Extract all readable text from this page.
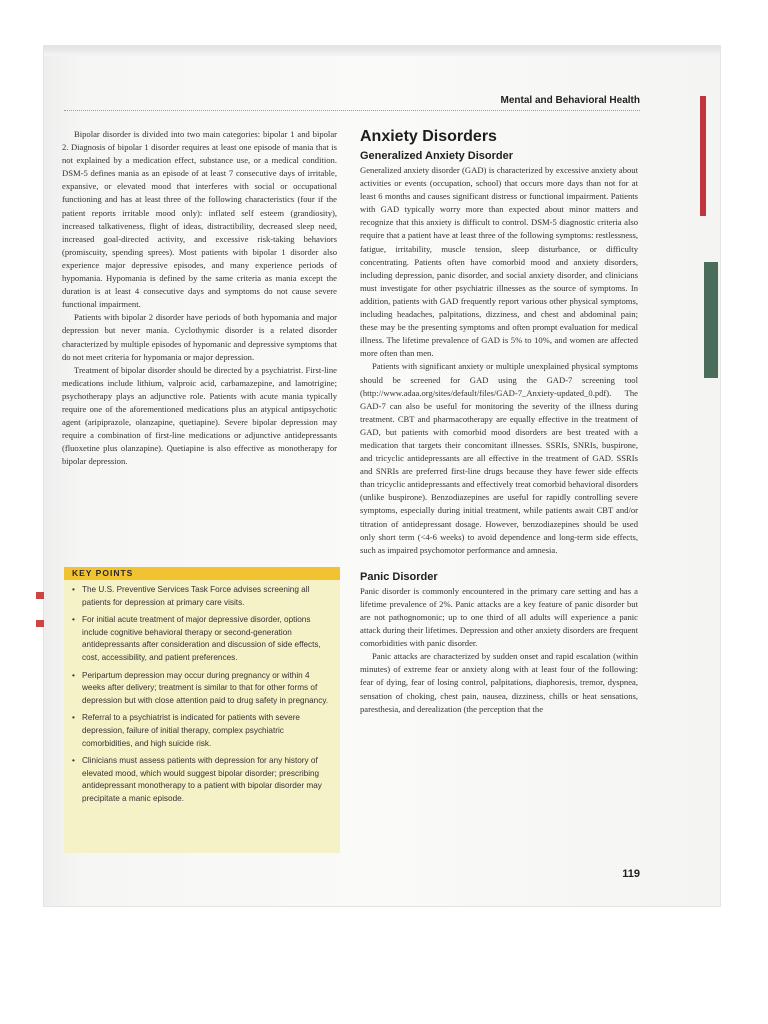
Mental and Behavioral Health

Bipolar disorder is divided into two main categories: bipolar 1 and bipolar 2. Diagnosis of bipolar 1 disorder requires at least one episode of mania that is not explained by a medication effect, substance use, or a medical condition. DSM-5 defines mania as an episode of at least 7 consecutive days of irritable, expansive, or elevated mood that interferes with social or occupational functioning and has at least three of the following characteristics (four if the patient reports irritable mood only): inflated self esteem (grandiosity), increased talkativeness, flight of ideas, distractibility, decreased sleep need, increased goal-directed activity, and excessive risk-taking behaviors (promiscuity, spending sprees). Most patients with bipolar 1 disorder also experience major depressive episodes, and many experience periods of hypomania. Hypomania is defined by the same criteria as mania except the duration is at least 4 consecutive days and symptoms do not cause severe functional impairment.

Patients with bipolar 2 disorder have periods of both hypomania and major depression but never mania. Cyclothymic disorder is a related disorder characterized by multiple episodes of hypomanic and depressive symptoms that do not meet criteria for hypomania or major depression.

Treatment of bipolar disorder should be directed by a psychiatrist. First-line medications include lithium, valproic acid, carbamazepine, and lamotrigine; psychotherapy plays an adjunctive role. Patients with acute mania typically require one of the aforementioned medications plus an atypical antipsychotic agent (aripiprazole, olanzapine, quetiapine). Severe bipolar depression may require a combination of first-line medications or adjunctive antidepressants (fluoxetine plus olanzapine). Quetiapine is also effective as monotherapy for bipolar depression.

KEY POINTS
• The U.S. Preventive Services Task Force advises screening all patients for depression at primary care visits.
• For initial acute treatment of major depressive disorder, options include cognitive behavioral therapy or second-generation antidepressants after consideration and discussion of side effects, cost, accessibility, and patient preferences.
• Peripartum depression may occur during pregnancy or within 4 weeks after delivery; treatment is similar to that for other forms of depression but with close attention paid to drug safety in pregnancy.
• Referral to a psychiatrist is indicated for patients with severe depression, failure of initial therapy, complex psychiatric comorbidities, and high suicide risk.
• Clinicians must assess patients with depression for any history of elevated mood, which would suggest bipolar disorder; prescribing antidepressant monotherapy to a patient with bipolar disorder may precipitate a manic episode.
Anxiety Disorders
Generalized Anxiety Disorder

Generalized anxiety disorder (GAD) is characterized by excessive anxiety about activities or events (occupation, school) that occurs more days than not for at least 6 months and causes significant distress or functional impairment. Patients with GAD typically worry more than expected about minor matters and recognize that this anxiety is difficult to control. DSM-5 diagnostic criteria also require that a patient have at least three of the following symptoms: restlessness, fatigue, irritability, muscle tension, sleep disturbance, or difficulty concentrating. Patients often have comorbid mood and anxiety disorders, including depression, panic disorder, and social anxiety disorder, and clinicians must investigate for other psychiatric illnesses as the source of symptoms. In addition, patients with GAD frequently report various other physical symptoms, including headaches, palpitations, dizziness, and chest and abdominal pain; these may be the presenting symptoms and often prompt evaluation for medical illness. The lifetime prevalence of GAD is 5% to 10%, and women are affected more often than men.

Patients with significant anxiety or multiple unexplained physical symptoms should be screened for GAD using the GAD-7 screening tool (http://www.adaa.org/sites/default/files/GAD-7_Anxiety-updated_0.pdf). The GAD-7 can also be useful for monitoring the severity of the illness during treatment. CBT and pharmacotherapy are equally effective in the treatment of GAD, but patients with comorbid mood disorders are best treated with a medication that targets their concomitant illnesses. SSRIs, SNRIs, buspirone, and tricyclic antidepressants are all effective in the treatment of GAD. SSRIs and SNRIs are preferred first-line drugs because they have fewer side effects than tricyclic antidepressants and effectively treat comorbid behavioral disorders (unlike buspirone). Benzodiazepines are useful for rapidly controlling severe symptoms, especially during initial treatment, while patients await CBT and/or titration of antidepressant dosage. However, benzodiazepines should be used only short term (<4-6 weeks) to avoid dependence and long-term side effects, such as impaired psychomotor performance and amnesia.

Panic Disorder

Panic disorder is commonly encountered in the primary care setting and has a lifetime prevalence of 2%. Panic attacks are a key feature of panic disorder but are not pathognomonic; up to one third of all adults will experience a panic attack during their lifetimes. Depression and other anxiety disorders are frequent comorbidities with panic disorder.

Panic attacks are characterized by sudden onset and rapid escalation (within minutes) of extreme fear or anxiety along with at least four of the following: fear of dying, fear of losing control, palpitations, diaphoresis, tremor, dyspnea, sensation of choking, chest pain, nausea, dizziness, chills or heat sensations, paresthesia, and derealization (the perception that the

119
